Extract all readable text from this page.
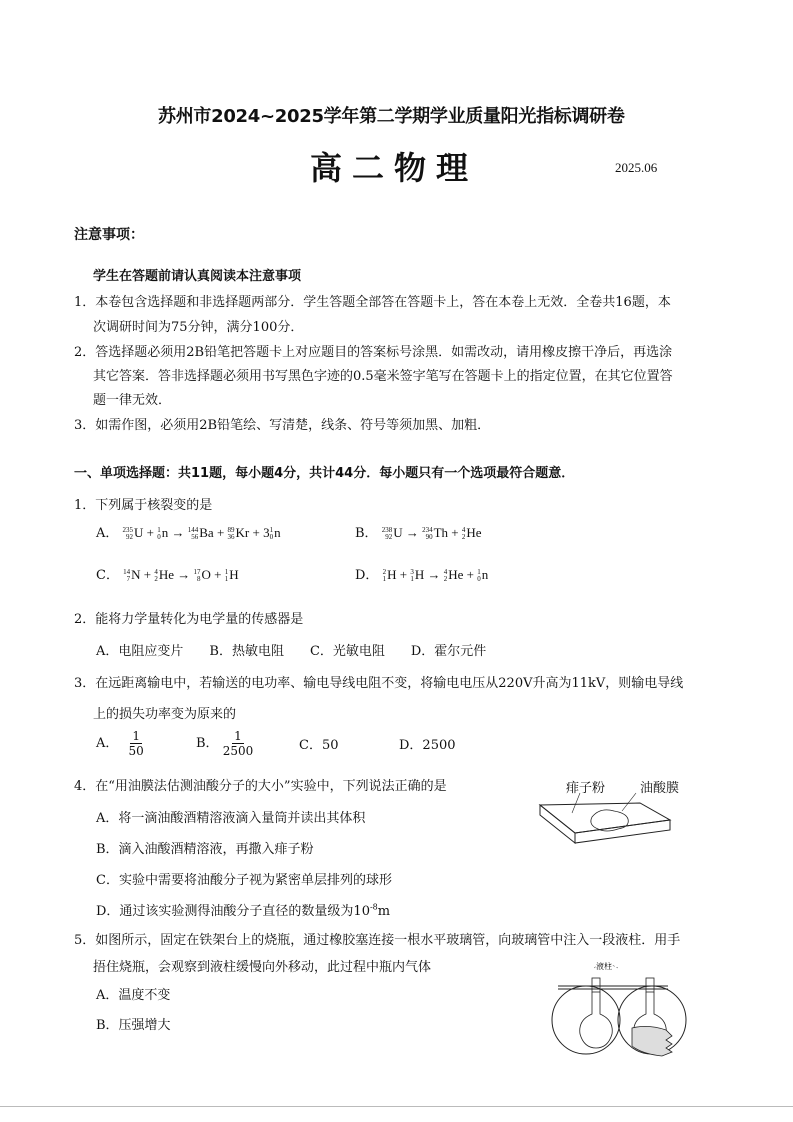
苏州市2024~2025学年第二学期学业质量阳光指标调研卷
高二物理	2025.06
注意事项：
学生在答题前请认真阅读本注意事项
1．本卷包含选择题和非选择题两部分．学生答题全部答在答题卡上，答在本卷上无效．全卷共16题，本
次调研时间为75分钟，满分100分．
2．答选择题必须用2B铅笔把答题卡上对应题目的答案标号涂黑．如需改动，请用橡皮擦干净后，再选涂
其它答案．答非选择题必须用书写黑色字迹的0.5毫米签字笔写在答题卡上的指定位置，在其它位置答
题一律无效．
3．如需作图，必须用2B铅笔绘、写清楚，线条、符号等须加黑、加粗．
一、单项选择题：共11题，每小题4分，共计44分．每小题只有一个选项最符合题意．
1．下列属于核裂变的是
A． 235
92 U + 1
0 n → 144
56 Ba + 89
36 Kr + 3 1
0 n	B． 238
92 U → 234
90 Th + 4
2 He
C． 14
7 N + 4
2 He → 17
8 O + 1
1 H	D． 2
1 H + 3
1 H → 4
2 He + 1
0 n
2．能将力学量转化为电学量的传感器是
A．电阻应变片　　B．热敏电阻　　C．光敏电阻　　D．霍尔元件
3．在远距离输电中，若输送的电功率、输电导线电阻不变，将输电电压从220V升高为11kV，则输电导线
上的损失功率变为原来的
A． $\frac{1}{50}$	B． $\frac{1}{2500}$	C．50	D．2500
4．在“用油膜法估测油酸分子的大小”实验中，下列说法正确的是
A．将一滴油酸酒精溶液滴入量筒并读出其体积
B．滴入油酸酒精溶液，再撒入痱子粉
C．实验中需要将油酸分子视为紧密单层排列的球形
D．通过该实验测得油酸分子直径的数量级为$10^{-8}m$
痱子粉	油酸膜
5．如图所示，固定在铁架台上的烧瓶，通过橡胶塞连接一根水平玻璃管，向玻璃管中注入一段液柱．用手
捂住烧瓶，会观察到液柱缓慢向外移动，此过程中瓶内气体
A．温度不变
B．压强增大
液柱
